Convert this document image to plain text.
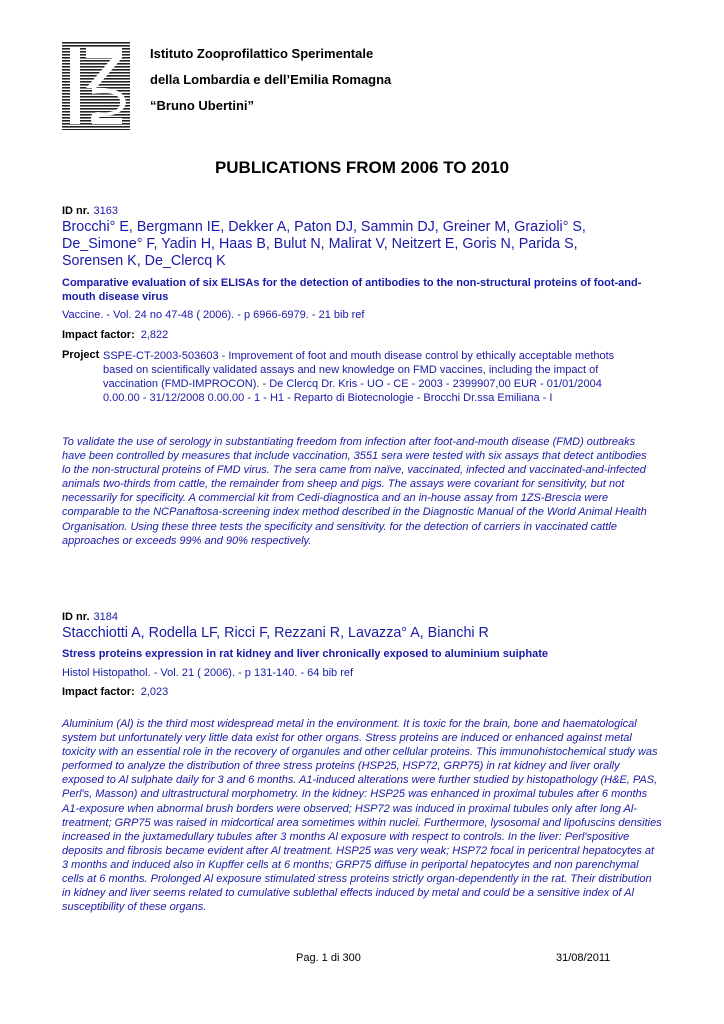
Istituto Zooprofilattico Sperimentale
della Lombardia e dell’Emilia Romagna
“Bruno Ubertini”
PUBLICATIONS FROM 2006 TO 2010
ID nr. 3163
Brocchi° E, Bergmann IE, Dekker A, Paton DJ, Sammin DJ, Greiner M, Grazioli° S, De_Simone° F, Yadin H, Haas B, Bulut N, Malirat V, Neitzert E, Goris N, Parida S, Sorensen K, De_Clercq K
Comparative evaluation of six ELISAs for the detection of antibodies to the non-structural proteins of foot-and-mouth disease virus
Vaccine. - Vol. 24 no 47-48 ( 2006). - p 6966-6979. - 21 bib ref
Impact factor: 2,822
Project SSPE-CT-2003-503603 - Improvement of foot and mouth disease control by ethically acceptable methots based on scientifically validated assays and new knowledge on FMD vaccines, including the impact of vaccination (FMD-IMPROCON). - De Clercq Dr. Kris - UO - CE - 2003 - 2399907,00 EUR - 01/01/2004 0.00.00 - 31/12/2008 0.00.00 - 1 - H1 - Reparto di Biotecnologie - Brocchi Dr.ssa Emiliana - I
To validate the use of serology in substantiating freedom from infection after foot-and-mouth disease (FMD) outbreaks have been controlled by measures that include vaccination, 3551 sera were tested with six assays that detect antibodies lo the non-structural proteins of FMD virus. The sera came from naïve, vaccinated, infected and vaccinated-and-infected animals two-thirds from cattle, the remainder from sheep and pigs. The assays were covariant for sensitivity, but not necessarily for specificity. A commercial kit from Cedi-diagnostica and an in-house assay from 1ZS-Brescia were comparable to the NCPanaftosa-screening index method described in the Diagnostic Manual of the World Animal Health Organisation. Using these three tests the specificity and sensitivity. for the detection of carriers in vaccinated cattle approaches or exceeds 99% and 90% respectively.
ID nr. 3184
Stacchiotti A, Rodella LF, Ricci F, Rezzani R, Lavazza° A, Bianchi R
Stress proteins expression in rat kidney and liver chronically exposed to aluminium suiphate
Histol Histopathol. - Vol. 21 ( 2006). - p 131-140. - 64 bib ref
Impact factor: 2,023
Aluminium (Al) is the third most widespread metal in the environment. It is toxic for the brain, bone and haematological system but unfortunately very little data exist for other organs. Stress proteins are induced or enhanced against metal toxicity with an essential role in the recovery of organules and other cellular proteins. This immunohistochemical study was performed to analyze the distribution of three stress proteins (HSP25, HSP72, GRP75) in rat kidney and liver orally exposed to Al sulphate daily for 3 and 6 months. A1-induced alterations were further studied by histopathology (H&E, PAS, Perl's, Masson) and ultrastructural morphometry. In the kidney: HSP25 was enhanced in proximal tubules after 6 months A1-exposure when abnormal brush borders were observed; HSP72 was induced in proximal tubules only after long Al-treatment; GRP75 was raised in midcortical area sometimes within nuclei. Furthermore, lysosomal and lipofuscins densities increased in the juxtamedullary tubules after 3 months Al exposure with respect to controls. In the liver: Perl'spositive deposits and fibrosis became evident after Al treatment. HSP25 was very weak; HSP72 focal in pericentral hepatocytes at 3 months and induced also in Kupffer cells at 6 months; GRP75 diffuse in periportal hepatocytes and non parenchymal cells at 6 months. Prolonged Al exposure stimulated stress proteins strictly organ-dependently in the rat. Their distribution in kidney and liver seems related to cumulative sublethal effects induced by metal and could be a sensitive index of Al susceptibility of these organs.
Pag. 1 di 300	31/08/2011
